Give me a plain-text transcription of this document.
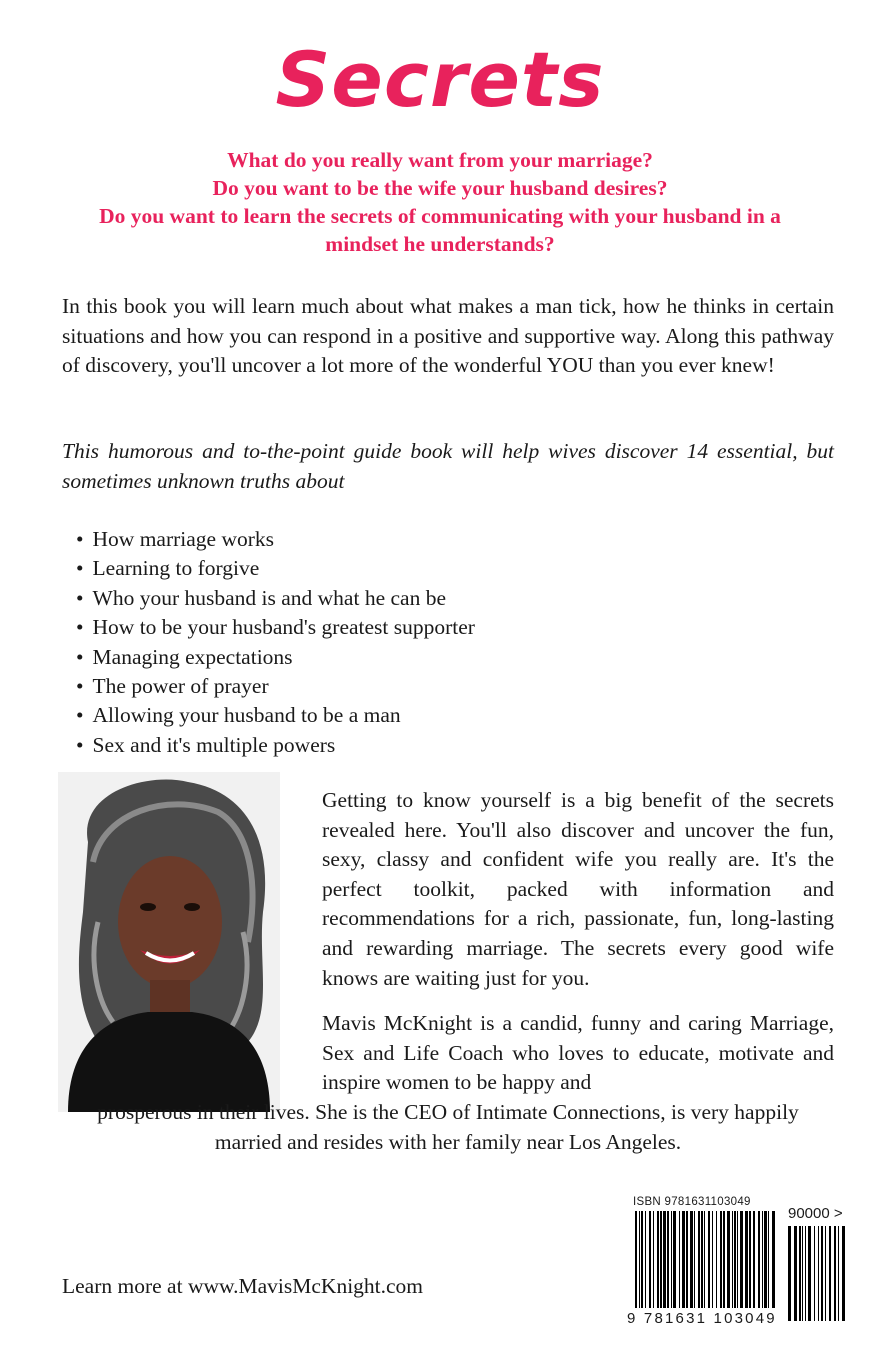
Secrets
What do you really want from your marriage?
Do you want to be the wife your husband desires?
Do you want to learn the secrets of communicating with your husband in a
mindset he understands?

In this book you will learn much about what makes a man tick, how he thinks in certain situations and how you can respond in a positive and supportive way. Along this pathway of discovery, you'll uncover a lot more of the wonderful YOU than you ever knew!

This humorous and to-the-point guide book will help wives discover 14 essential, but sometimes unknown truths about

• How marriage works
• Learning to forgive
• Who your husband is and what he can be
• How to be your husband's greatest supporter
• Managing expectations
• The power of prayer
• Allowing your husband to be a man
• Sex and it's multiple powers

Getting to know yourself is a big benefit of the secrets revealed here. You'll also discover and uncover the fun, sexy, classy and confident wife you really are. It's the perfect toolkit, packed with information and recommendations for a rich, passionate, fun, long-lasting and rewarding marriage. The secrets every good wife knows are waiting just for you.

Mavis McKnight is a candid, funny and caring Marriage, Sex and Life Coach who loves to educate, motivate and inspire women to be happy and

prosperous in their lives. She is the CEO of Intimate Connections, is very happily married and resides with her family near Los Angeles.

Learn more at www.MavisMcKnight.com
ISBN 9781631103049
90000 >
9 781631 103049
